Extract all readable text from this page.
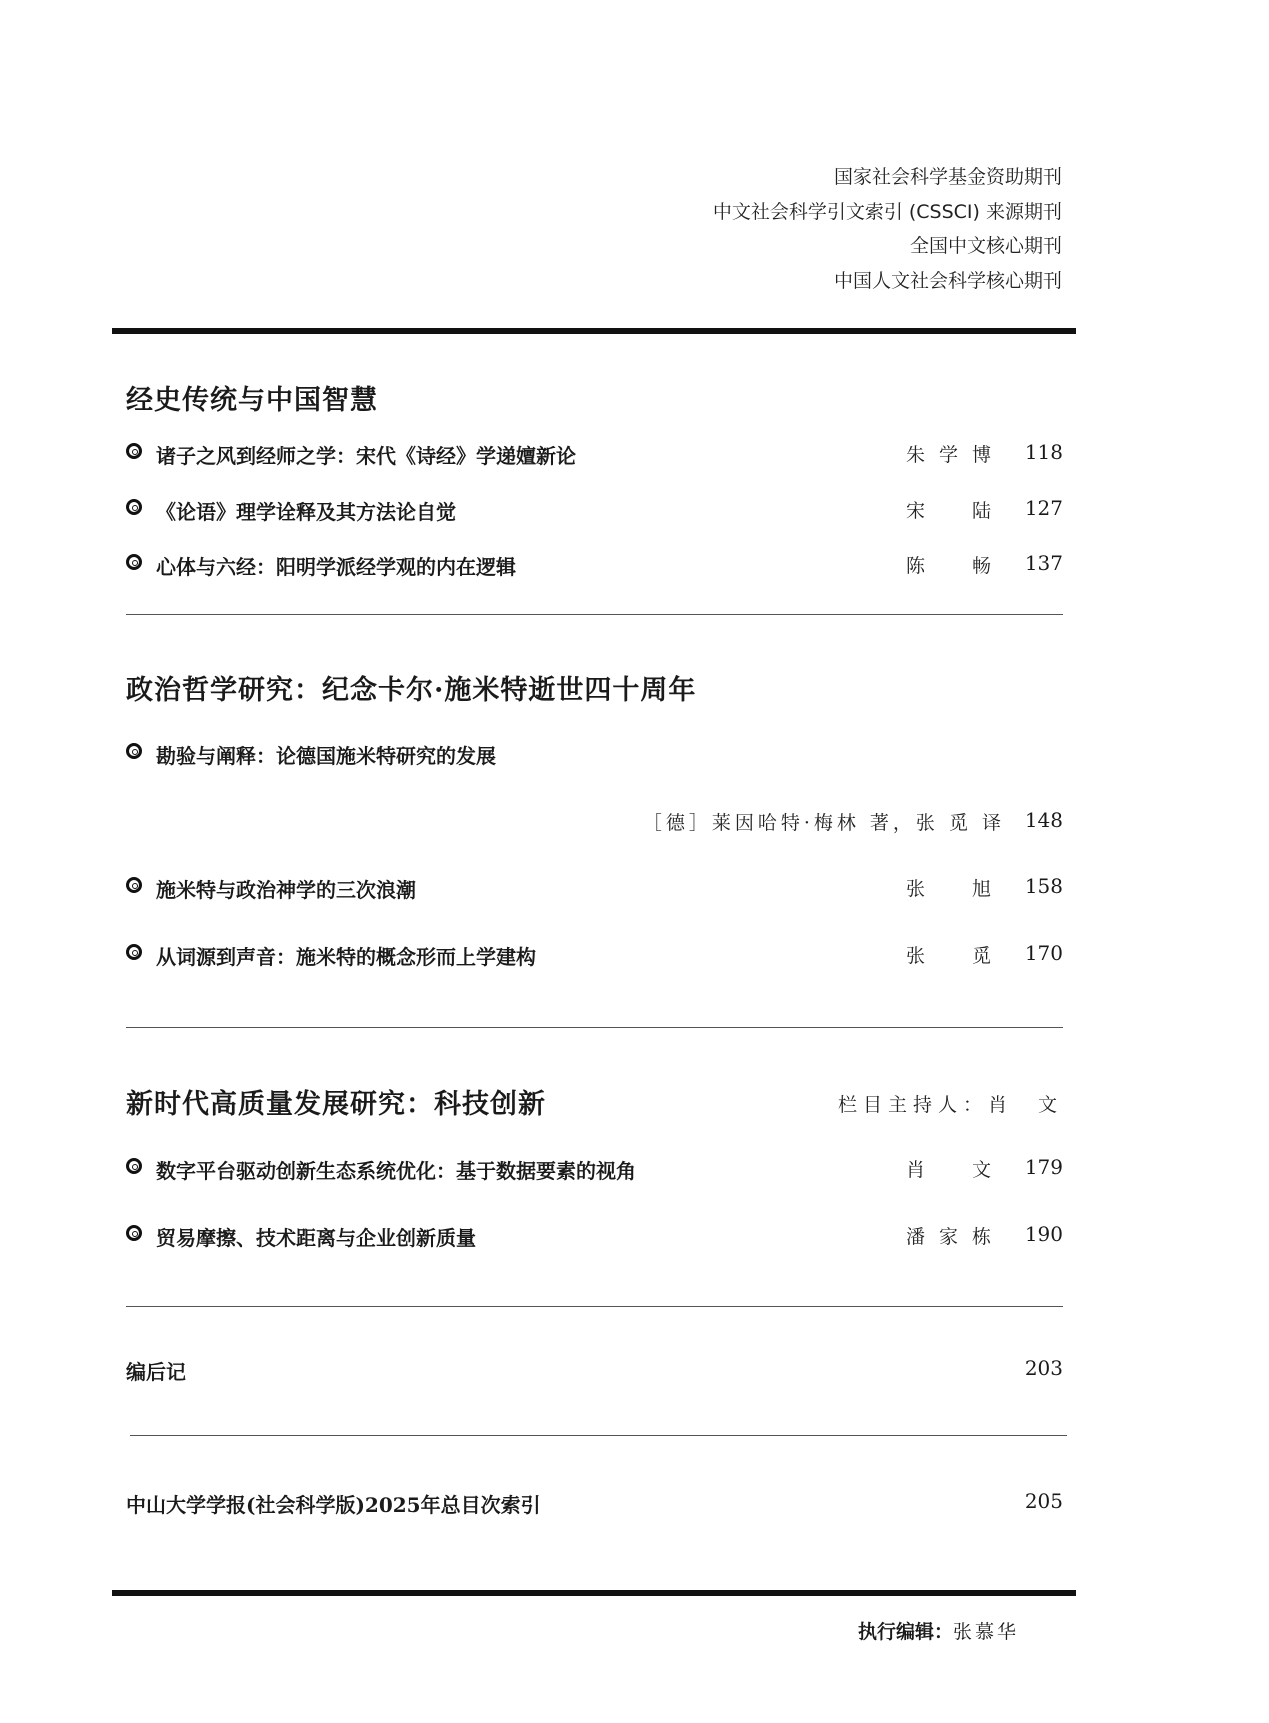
国家社会科学基金资助期刊
中文社会科学引文索引 (CSSCI) 来源期刊
全国中文核心期刊
中国人文社会科学核心期刊
经史传统与中国智慧
诸子之风到经师之学：宋代《诗经》学递嬗新论	朱学博 118
《论语》理学诠释及其方法论自觉	宋　陆 127
心体与六经：阳明学派经学观的内在逻辑	陈　畅 137
政治哲学研究：纪念卡尔·施米特逝世四十周年
勘验与阐释：论德国施米特研究的发展
［德］莱因哈特·梅林 著，张 觅 译 148
施米特与政治神学的三次浪潮	张　旭 158
从词源到声音：施米特的概念形而上学建构	张　觅 170
新时代高质量发展研究：科技创新	栏目主持人：肖　文
数字平台驱动创新生态系统优化：基于数据要素的视角	肖　文 179
贸易摩擦、技术距离与企业创新质量	潘家栋 190
编后记	203
中山大学学报(社会科学版)2025年总目次索引	205
执行编辑：张慕华
